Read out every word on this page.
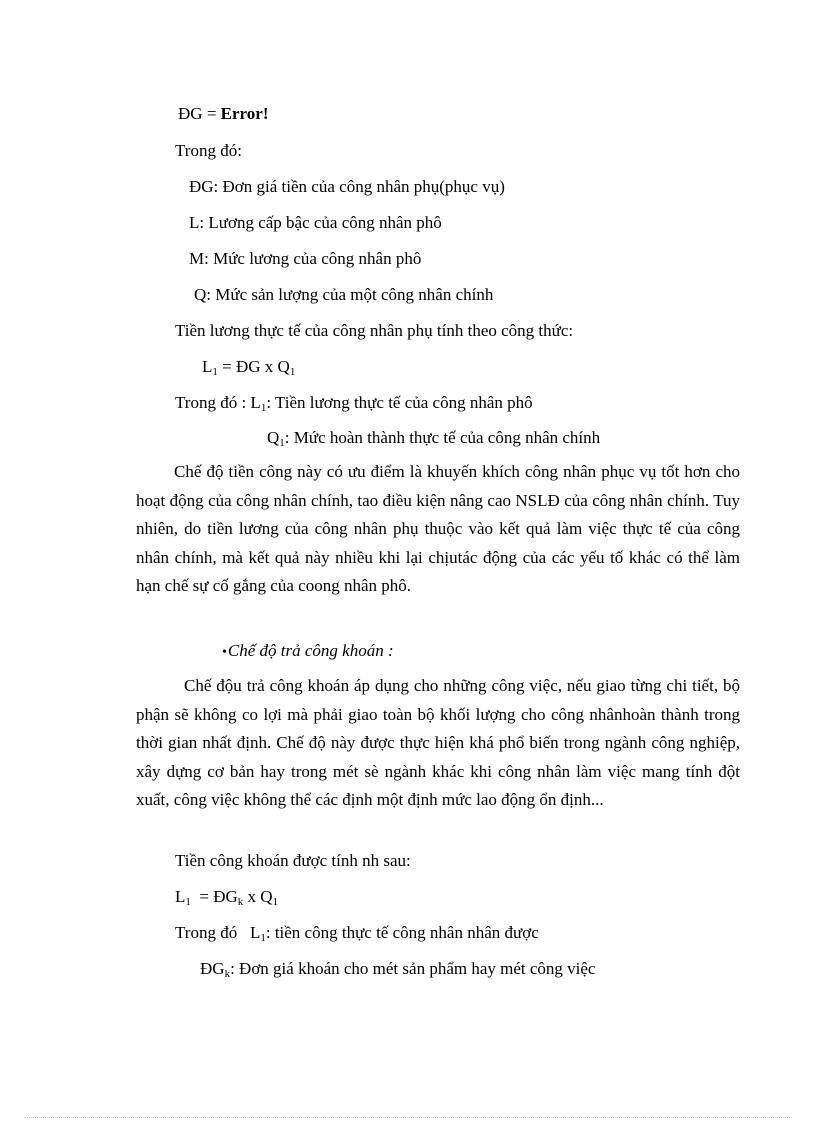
ĐG = Error!
Trong đó:
ĐG: Đơn giá tiền của công nhân phụ(phục vụ)
L: Lương cấp bậc của công nhân phô
M: Mức lương của công nhân phô
Q: Mức sản lượng của một công nhân chính
Tiền lương thực tế của công nhân phụ tính theo công thức:
$L_1$ = ĐG x $Q_1$
Trong đó : $L_1$: Tiền lương thực tế của công nhân phô
$Q_1$: Mức hoàn thành thực tế của công nhân chính

Chế độ tiền công này có ưu điểm là khuyến khích công nhân phục vụ tốt hơn cho hoạt động của công nhân chính, tao điều kiện nâng cao NSLĐ của công nhân chính. Tuy nhiên, do tiền lương của công nhân phụ thuộc vào kết quả làm việc thực tế của công nhân chính, mà kết quả này nhiều khi lại chịutác động của các yếu tố khác có thể làm hạn chế sự cố gắng của coong nhân phô.

•Chế độ trả công khoán :

Chế độu trả công khoán áp dụng cho những công việc, nếu giao từng chi tiết, bộ phận sẽ không co lợi mà phải giao toàn bộ khối lượng cho công nhânhoàn thành trong thời gian nhất định. Chế độ này được thực hiện khá phổ biến trong ngành công nghiệp, xây dựng cơ bản hay trong mét sè ngành khác khi công nhân làm việc mang tính đột xuất, công việc không thể các định một định mức lao động ổn định...

Tiền công khoán được tính nh sau:
$L_1$  = $ĐG_k$ x $Q_1$
Trong đó   $L_1$: tiền công thực tế công nhân nhân được
$ĐG_k$: Đơn giá khoán cho mét sản phẩm hay mét công việc
